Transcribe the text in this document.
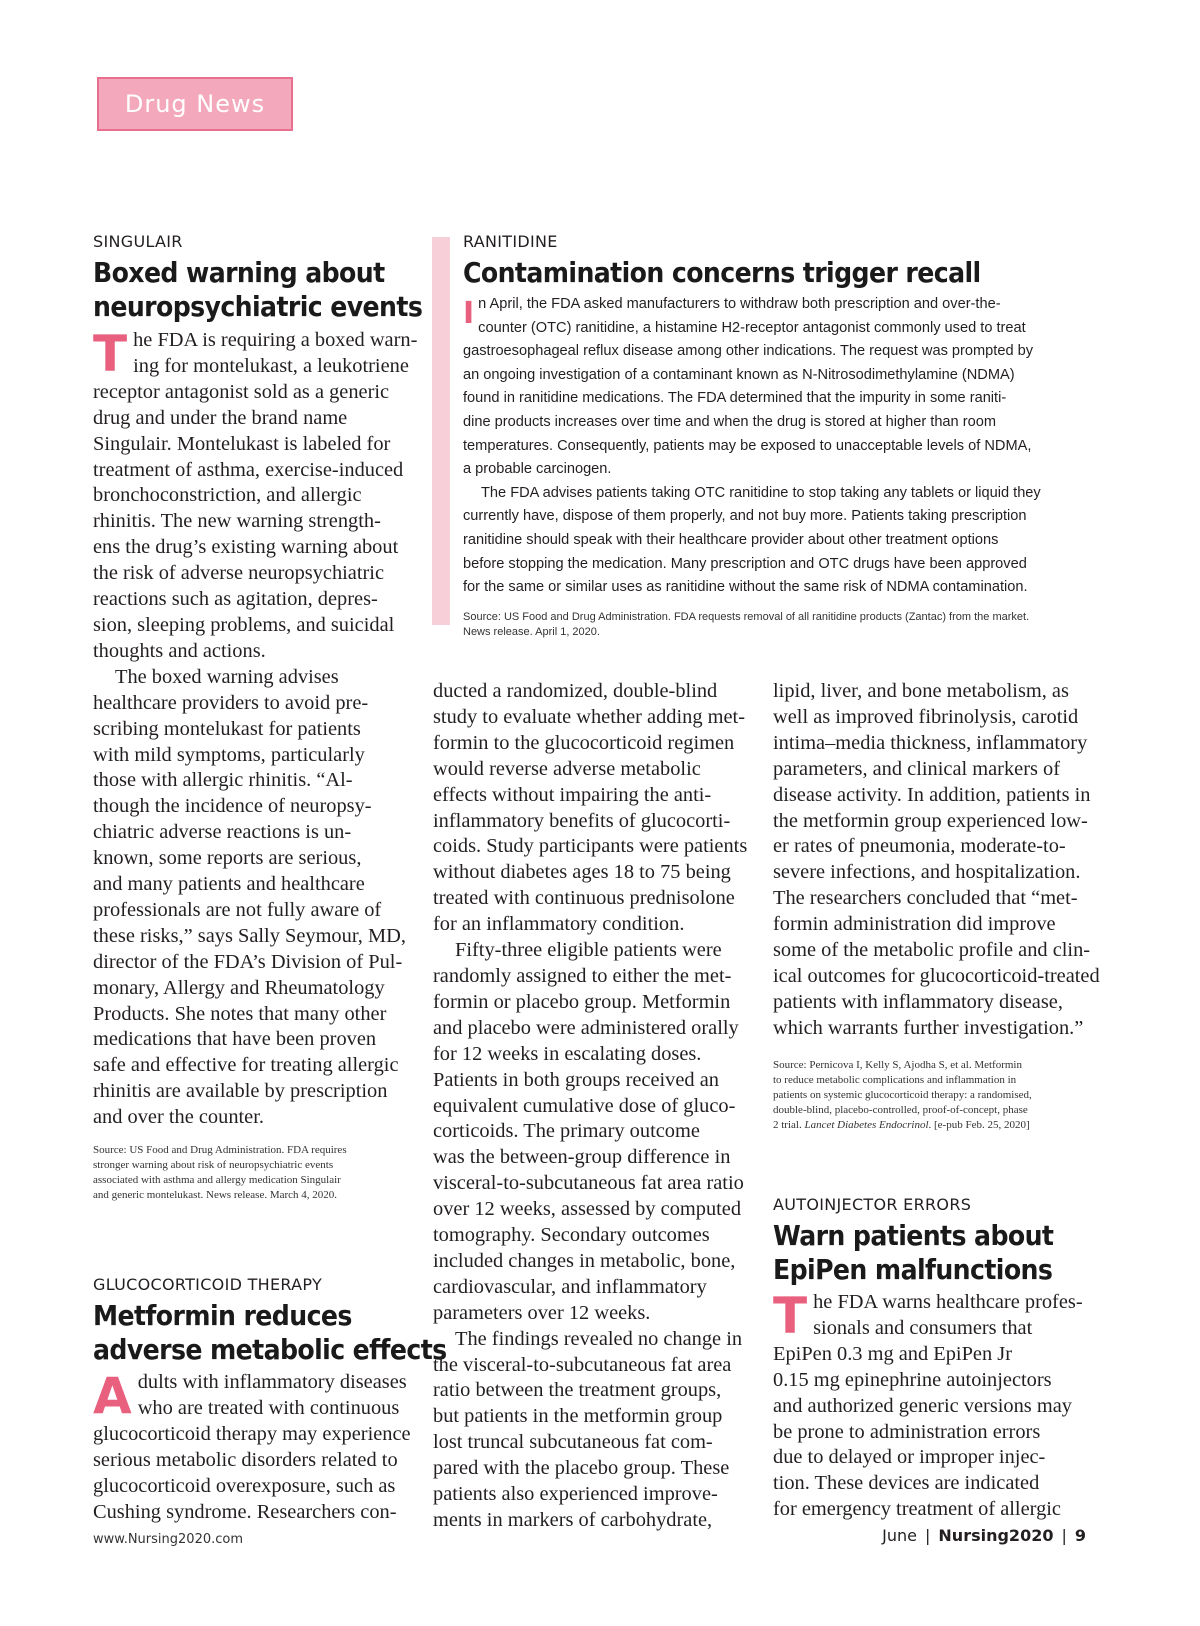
Drug News
SINGULAIR
Boxed warning about
neuropsychiatric events
T he FDA is requiring a boxed warn-
ing for montelukast, a leukotriene
receptor antagonist sold as a generic
drug and under the brand name
Singulair. Montelukast is labeled for
treatment of asthma, exercise-induced
bronchoconstriction, and allergic
rhinitis. The new warning strength-
ens the drug’s existing warning about
the risk of adverse neuropsychiatric
reactions such as agitation, depres-
sion, sleeping problems, and suicidal
thoughts and actions.
The boxed warning advises
healthcare providers to avoid pre-
scribing montelukast for patients
with mild symptoms, particularly
those with allergic rhinitis. “Al-
though the incidence of neuropsy-
chiatric adverse reactions is un-
known, some reports are serious,
and many patients and healthcare
professionals are not fully aware of
these risks,” says Sally Seymour, MD,
director of the FDA’s Division of Pul-
monary, Allergy and Rheumatology
Products. She notes that many other
medications that have been proven
safe and effective for treating allergic
rhinitis are available by prescription
and over the counter.
Source: US Food and Drug Administration. FDA requires
stronger warning about risk of neuropsychiatric events
associated with asthma and allergy medication Singulair
and generic montelukast. News release. March 4, 2020.
RANITIDINE
Contamination concerns trigger recall
I n April, the FDA asked manufacturers to withdraw both prescription and over-the-
counter (OTC) ranitidine, a histamine H2-receptor antagonist commonly used to treat
gastroesophageal reflux disease among other indications. The request was prompted by
an ongoing investigation of a contaminant known as N-Nitrosodimethylamine (NDMA)
found in ranitidine medications. The FDA determined that the impurity in some raniti-
dine products increases over time and when the drug is stored at higher than room
temperatures. Consequently, patients may be exposed to unacceptable levels of NDMA,
a probable carcinogen.
The FDA advises patients taking OTC ranitidine to stop taking any tablets or liquid they
currently have, dispose of them properly, and not buy more. Patients taking prescription
ranitidine should speak with their healthcare provider about other treatment options
before stopping the medication. Many prescription and OTC drugs have been approved
for the same or similar uses as ranitidine without the same risk of NDMA contamination.
Source: US Food and Drug Administration. FDA requests removal of all ranitidine products (Zantac) from the market.
News release. April 1, 2020.
GLUCOCORTICOID THERAPY
Metformin reduces
adverse metabolic effects
A dults with inflammatory diseases
who are treated with continuous
glucocorticoid therapy may experience
serious metabolic disorders related to
glucocorticoid overexposure, such as
Cushing syndrome. Researchers con-
ducted a randomized, double-blind
study to evaluate whether adding met-
formin to the glucocorticoid regimen
would reverse adverse metabolic
effects without impairing the anti-
inflammatory benefits of glucocorti-
coids. Study participants were patients
without diabetes ages 18 to 75 being
treated with continuous prednisolone
for an inflammatory condition.
Fifty-three eligible patients were
randomly assigned to either the met-
formin or placebo group. Metformin
and placebo were administered orally
for 12 weeks in escalating doses.
Patients in both groups received an
equivalent cumulative dose of gluco-
corticoids. The primary outcome
was the between-group difference in
visceral-to-subcutaneous fat area ratio
over 12 weeks, assessed by computed
tomography. Secondary outcomes
included changes in metabolic, bone,
cardiovascular, and inflammatory
parameters over 12 weeks.
The findings revealed no change in
the visceral-to-subcutaneous fat area
ratio between the treatment groups,
but patients in the metformin group
lost truncal subcutaneous fat com-
pared with the placebo group. These
patients also experienced improve-
ments in markers of carbohydrate,
lipid, liver, and bone metabolism, as
well as improved fibrinolysis, carotid
intima–media thickness, inflammatory
parameters, and clinical markers of
disease activity. In addition, patients in
the metformin group experienced low-
er rates of pneumonia, moderate-to-
severe infections, and hospitalization.
The researchers concluded that “met-
formin administration did improve
some of the metabolic profile and clin-
ical outcomes for glucocorticoid-treated
patients with inflammatory disease,
which warrants further investigation.”
Source: Pernicova I, Kelly S, Ajodha S, et al. Metformin
to reduce metabolic complications and inflammation in
patients on systemic glucocorticoid therapy: a randomised,
double-blind, placebo-controlled, proof-of-concept, phase
2 trial. Lancet Diabetes Endocrinol. [e-pub Feb. 25, 2020]
AUTOINJECTOR ERRORS
Warn patients about
EpiPen malfunctions
T he FDA warns healthcare profes-
sionals and consumers that
EpiPen 0.3 mg and EpiPen Jr
0.15 mg epinephrine autoinjectors
and authorized generic versions may
be prone to administration errors
due to delayed or improper injec-
tion. These devices are indicated
for emergency treatment of allergic
www.Nursing2020.com	June | Nursing2020 | 9
